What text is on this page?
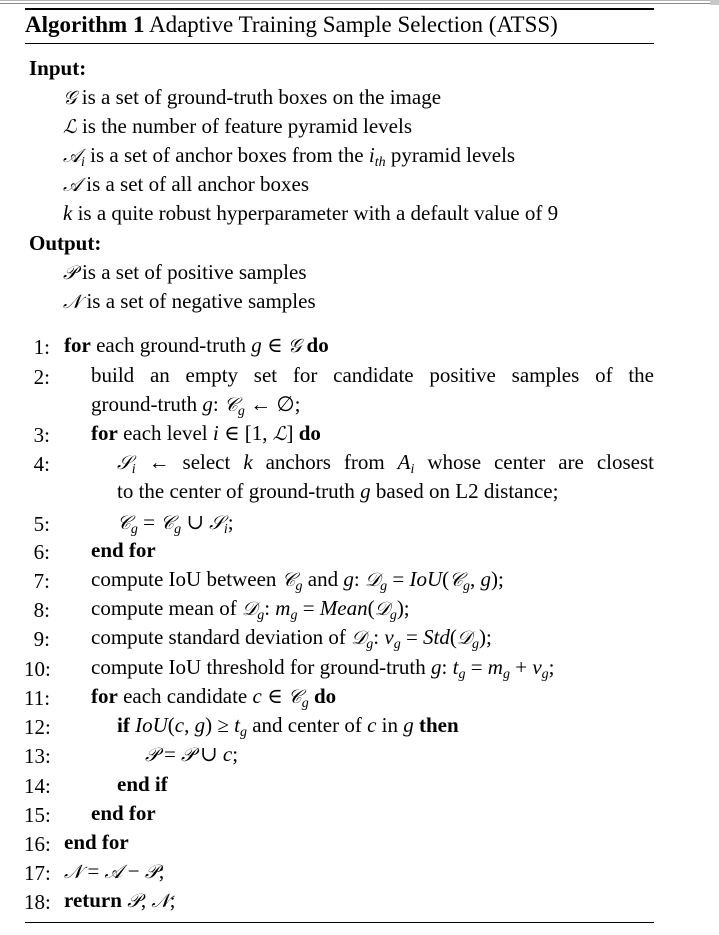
Algorithm 1 Adaptive Training Sample Selection (ATSS)
Input:
𝒢 is a set of ground-truth boxes on the image
ℒ is the number of feature pyramid levels
𝒜$_i$ is a set of anchor boxes from the $i_{th}$ pyramid levels
𝒜 is a set of all anchor boxes
k is a quite robust hyperparameter with a default value of 9
Output:
𝒫 is a set of positive samples
𝒩 is a set of negative samples
1: for each ground-truth g ∈ 𝒢 do
2: build an empty set for candidate positive samples of the
ground-truth g: 𝒞$_g$ ← ∅;
3: for each level i ∈ [1, ℒ] do
4:	𝒮$_i$ ← select k anchors from $A_i$ whose center are closest
to the center of ground-truth g based on L2 distance;
5:	𝒞$_g$ = 𝒞$_g$ ∪ 𝒮$_i$;
6: end for
7: compute IoU between 𝒞$_g$ and g: 𝒟$_g$ = IoU(𝒞$_g$, g);
8: compute mean of 𝒟$_g$: $m_g$ = Mean(𝒟$_g$);
9: compute standard deviation of 𝒟$_g$: $v_g$ = Std(𝒟$_g$);
10: compute IoU threshold for ground-truth g: $t_g = m_g + v_g$;
11: for each candidate c ∈ 𝒞$_g$ do
12:	if IoU(c, $g) \ge t_g$ and center of c in g then
13:	𝒫 = 𝒫 ∪ c;
14:	end if
15: end for
16: end for
17: 𝒩 = 𝒜 − 𝒫;
18: return 𝒫, 𝒩;
